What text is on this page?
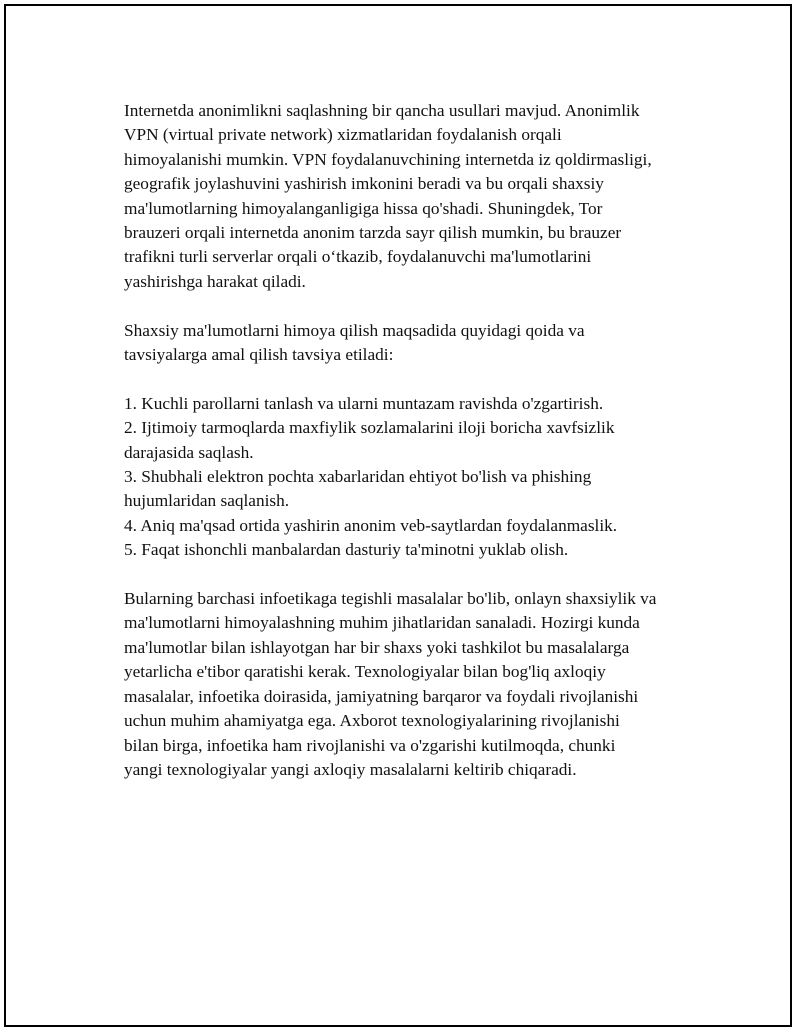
Internetda anonimlikni saqlashning bir qancha usullari mavjud. Anonimlik
VPN (virtual private network) xizmatlaridan foydalanish orqali
himoyalanishi mumkin. VPN foydalanuvchining internetda iz qoldirmasligi,
geografik joylashuvini yashirish imkonini beradi va bu orqali shaxsiy
ma'lumotlarning himoyalanganligiga hissa qo'shadi. Shuningdek, Tor
brauzeri orqali internetda anonim tarzda sayr qilish mumkin, bu brauzer
trafikni turli serverlar orqali o‘tkazib, foydalanuvchi ma'lumotlarini
yashirishga harakat qiladi.

Shaxsiy ma'lumotlarni himoya qilish maqsadida quyidagi qoida va
tavsiyalarga amal qilish tavsiya etiladi:

1. Kuchli parollarni tanlash va ularni muntazam ravishda o'zgartirish.
2. Ijtimoiy tarmoqlarda maxfiylik sozlamalarini iloji boricha xavfsizlik
darajasida saqlash.
3. Shubhali elektron pochta xabarlaridan ehtiyot bo'lish va phishing
hujumlaridan saqlanish.
4. Aniq ma'qsad ortida yashirin anonim veb-saytlardan foydalanmaslik.
5. Faqat ishonchli manbalardan dasturiy ta'minotni yuklab olish.

Bularning barchasi infoetikaga tegishli masalalar bo'lib, onlayn shaxsiylik va
ma'lumotlarni himoyalashning muhim jihatlaridan sanaladi. Hozirgi kunda
ma'lumotlar bilan ishlayotgan har bir shaxs yoki tashkilot bu masalalarga
yetarlicha e'tibor qaratishi kerak. Texnologiyalar bilan bog'liq axloqiy
masalalar, infoetika doirasida, jamiyatning barqaror va foydali rivojlanishi
uchun muhim ahamiyatga ega. Axborot texnologiyalarining rivojlanishi
bilan birga, infoetika ham rivojlanishi va o'zgarishi kutilmoqda, chunki
yangi texnologiyalar yangi axloqiy masalalarni keltirib chiqaradi.
